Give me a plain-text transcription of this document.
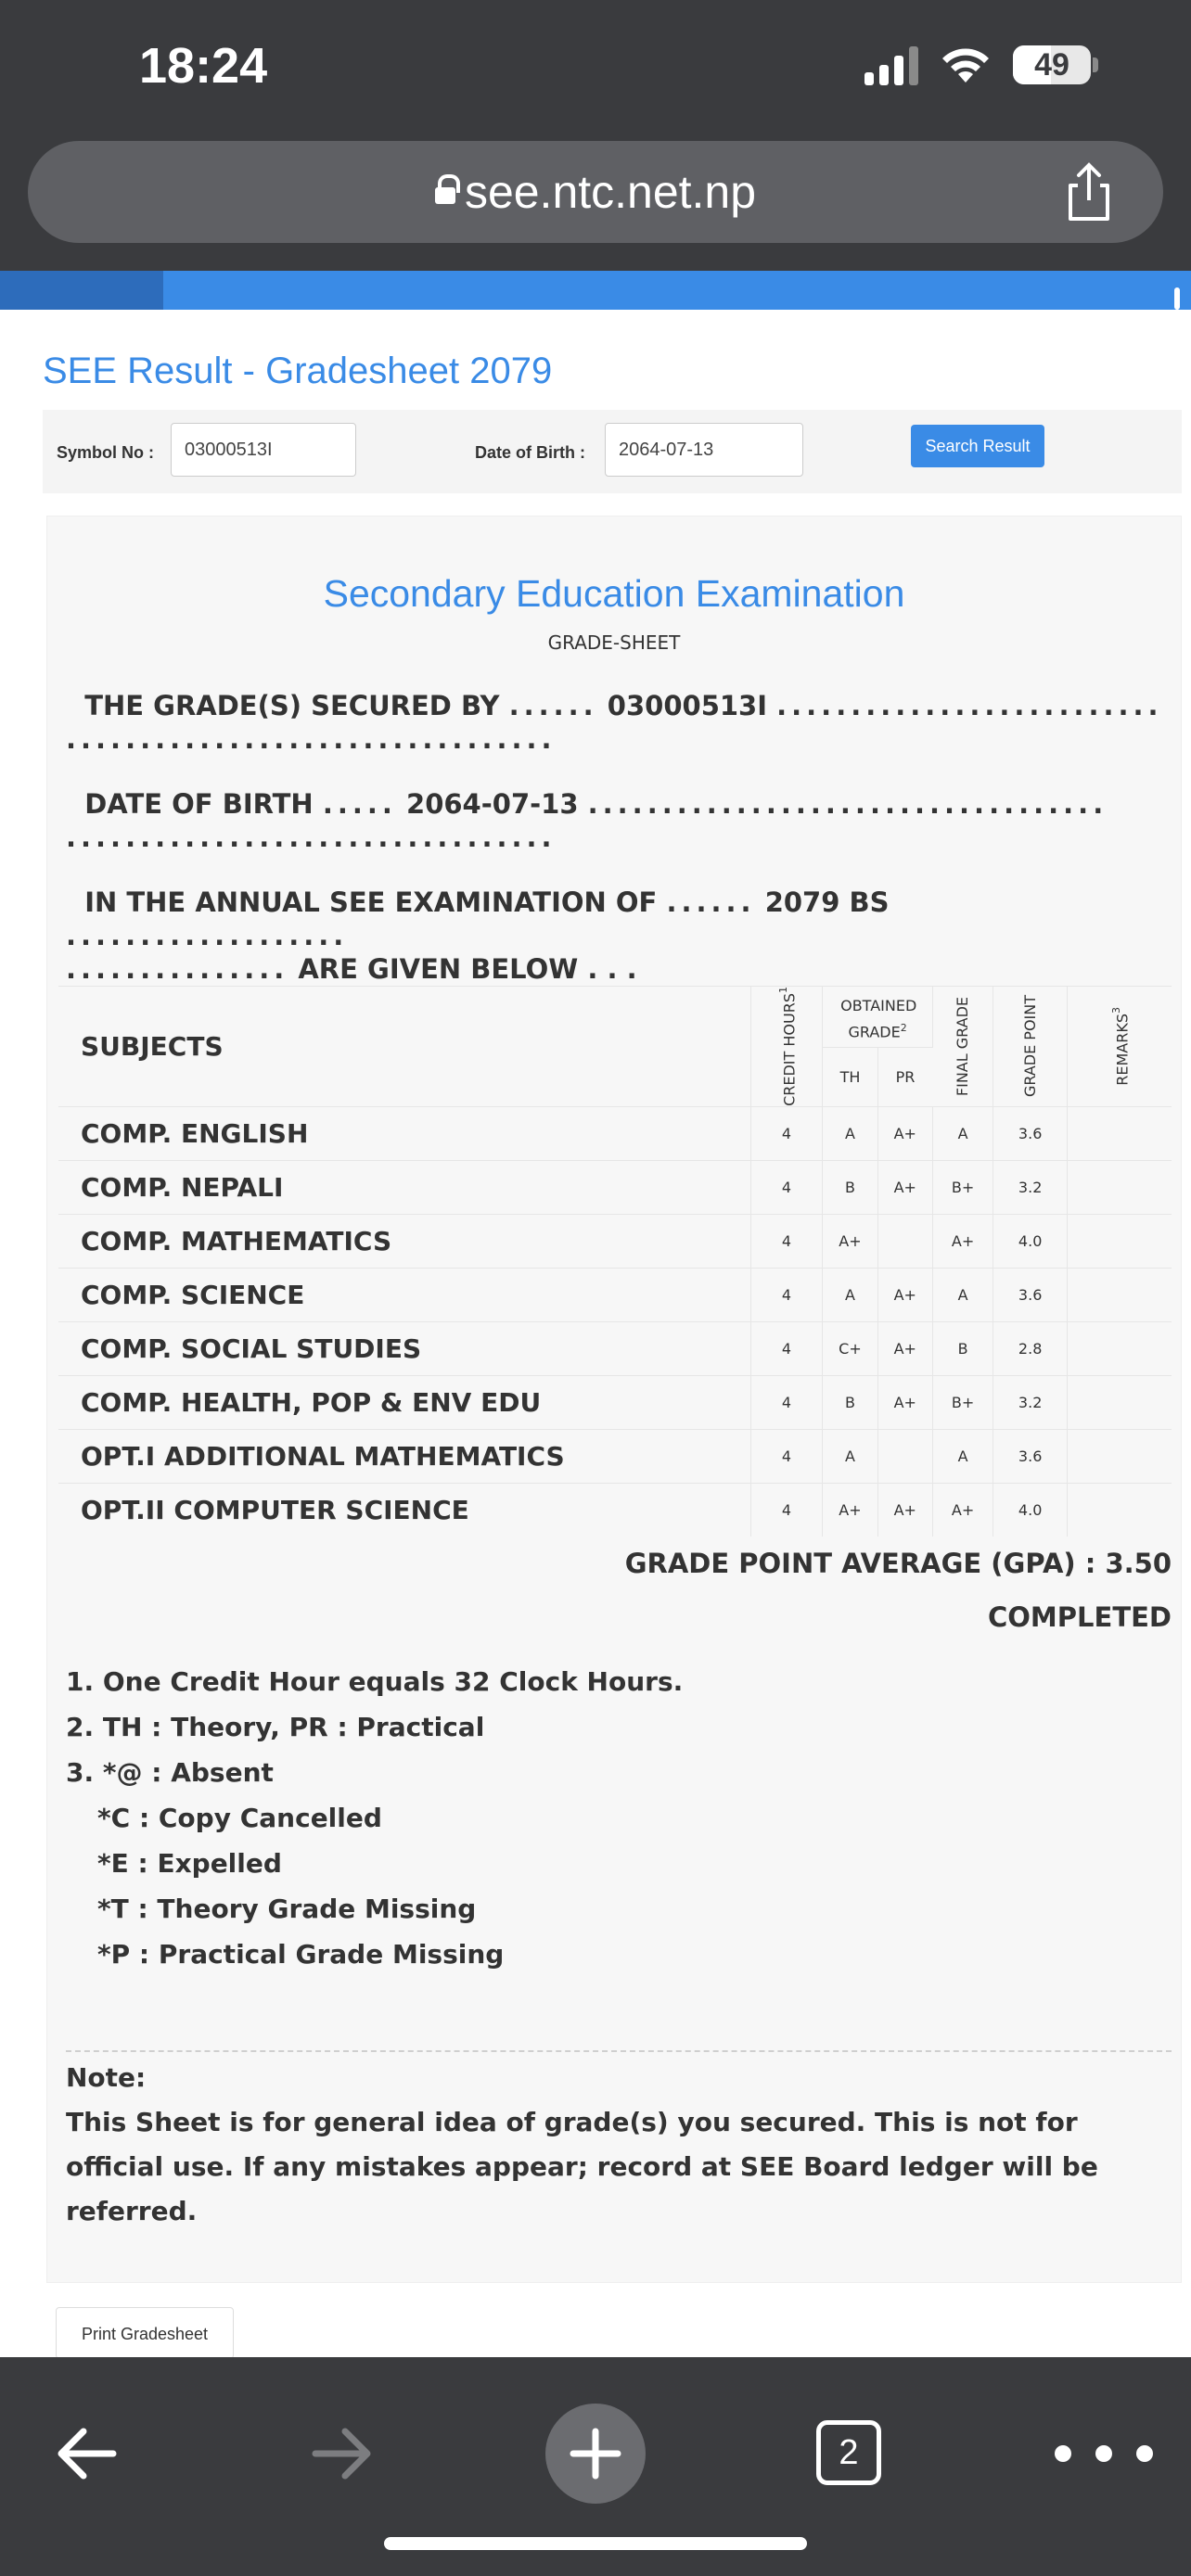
18:24	49
see.ntc.net.np
SEE Result - Gradesheet 2079
Symbol No :	03000513I	Date of Birth :	2064-07-13	Search Result
Secondary Education Examination
GRADE-SHEET
THE GRADE(S) SECURED BY ...... 03000513I ..........................
.................................
DATE OF BIRTH ..... 2064-07-13 ...................................
.................................
IN THE ANNUAL SEE EXAMINATION OF ...... 2079 BS ...................
............... ARE GIVEN BELOW . . .
SUBJECTS	CREDIT HOURS$^1$	OBTAINED GRADE$^2$		FINAL GRADE	GRADE POINT	REMARKS$^3$

		TH	PR			
COMP. ENGLISH	4	A	A+	A	3.6	
COMP. NEPALI	4	B	A+	B+	3.2	
COMP. MATHEMATICS	4	A+		A+	4.0	
COMP. SCIENCE	4	A	A+	A	3.6	
COMP. SOCIAL STUDIES	4	C+	A+	B	2.8	
COMP. HEALTH, POP & ENV EDU	4	B	A+	B+	3.2	
OPT.I ADDITIONAL MATHEMATICS	4	A		A	3.6	
OPT.II COMPUTER SCIENCE	4	A+	A+	A+	4.0	
GRADE POINT AVERAGE (GPA) : 3.50
COMPLETED
1. One Credit Hour equals 32 Clock Hours.
2. TH : Theory, PR : Practical
3. *@ : Absent
*C : Copy Cancelled
*E : Expelled
*T : Theory Grade Missing
*P : Practical Grade Missing
Note:
This Sheet is for general idea of grade(s) you secured. This is not for official use. If any mistakes appear; record at SEE Board ledger will be referred.
Print Gradesheet
2
